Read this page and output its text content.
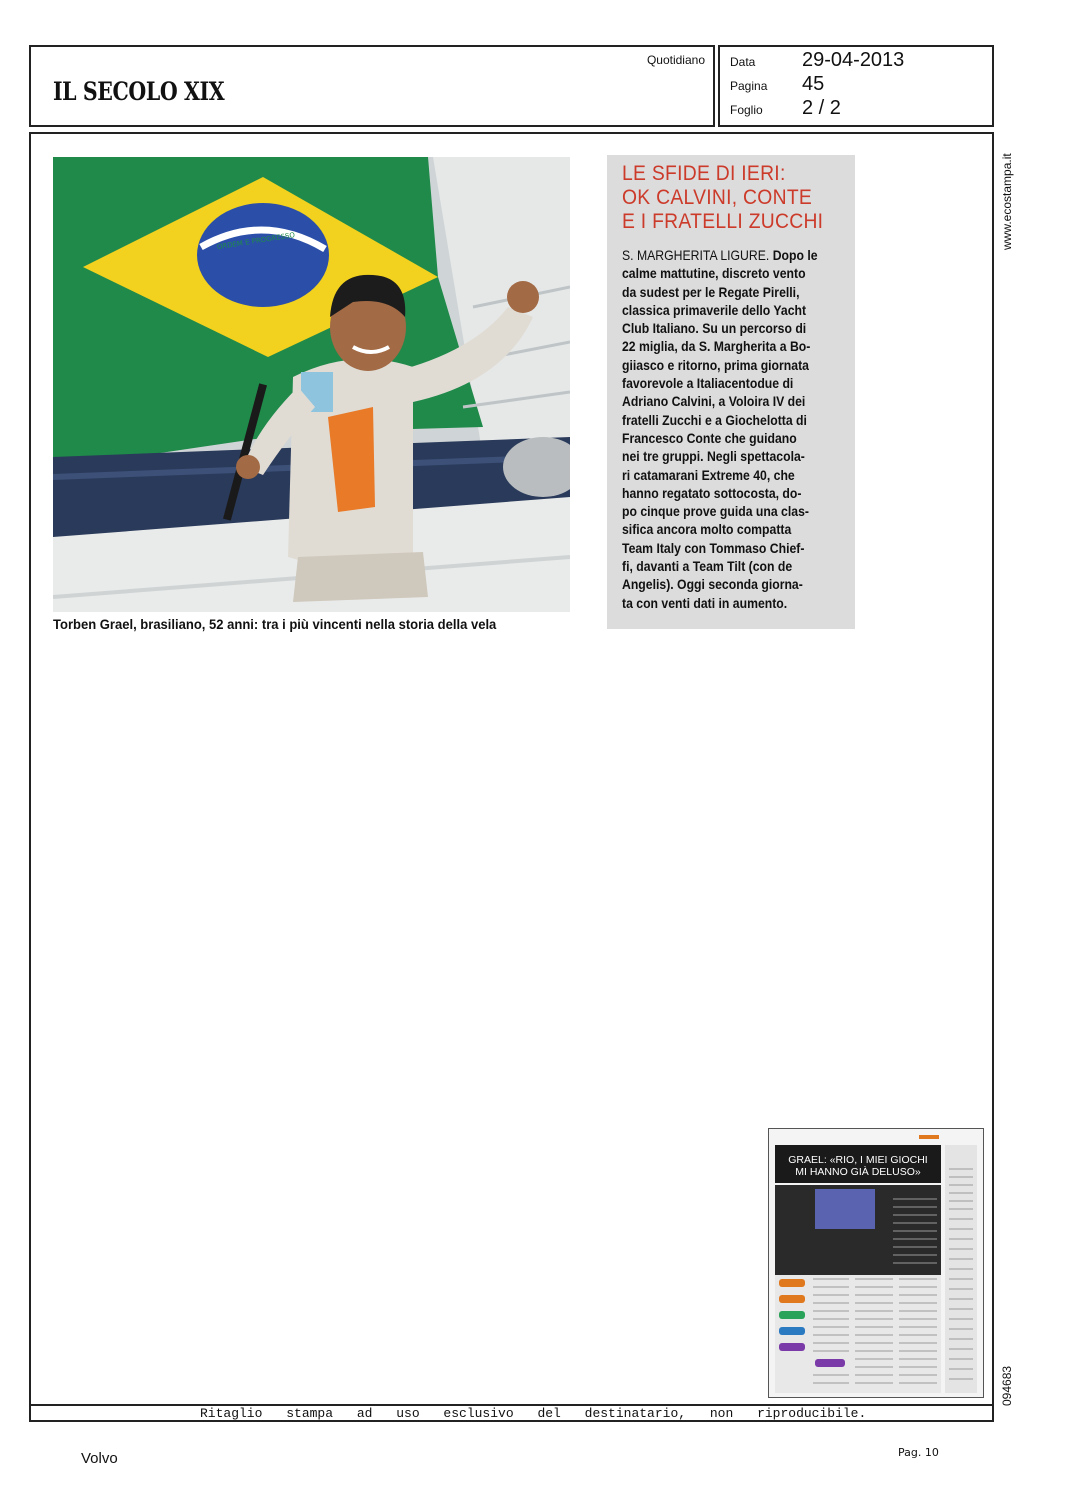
IL SECOLO XIX
Quotidiano Data 29-04-2013
Pagina 45
Foglio 2 / 2
www.ecostampa.it
094683
Ritaglio stampa ad uso esclusivo del destinatario, non riproducibile.
ORDEM E PROGRESSO
Torben Grael, brasiliano, 52 anni: tra i più vincenti nella storia della vela
LE SFIDE DI IERI:
OK CALVINI, CONTE
E I FRATELLI ZUCCHI
S. MARGHERITA LIGURE. Dopo le
calme mattutine, discreto vento
da sudest per le Regate Pirelli,
classica primaverile dello Yacht
Club Italiano. Su un percorso di
22 miglia, da S. Margherita a Bo-
giiasco e ritorno, prima giornata
favorevole a Italiacentodue di
Adriano Calvini, a Voloira IV dei
fratelli Zucchi e a Giochelotta di
Francesco Conte che guidano
nei tre gruppi. Negli spettacola-
ri catamarani Extreme 40, che
hanno regatato sottocosta, do-
po cinque prove guida una clas-
sifica ancora molto compatta
Team Italy con Tommaso Chief-
fi, davanti a Team Tilt (con de
Angelis). Oggi seconda giorna-
ta con venti dati in aumento.
GRAEL: «RIO, I MIEI GIOCHI
MI HANNO GIÀ DELUSO»
Volvo	Pag. 10
